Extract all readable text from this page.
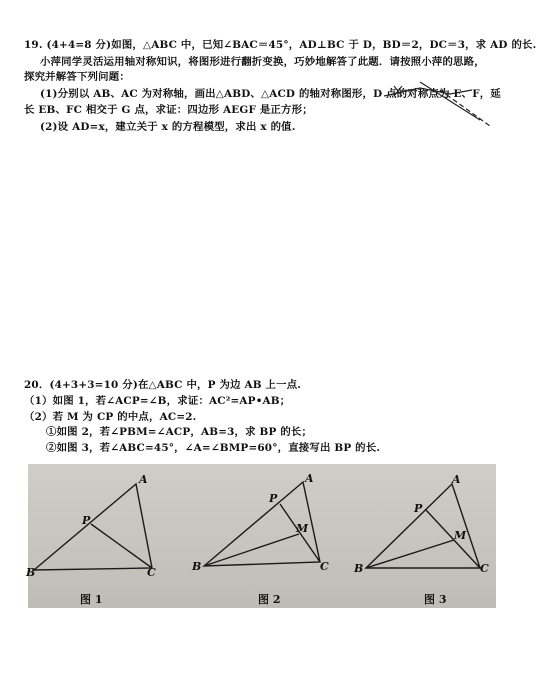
19. (4+4=8 分)如图，△ABC 中，已知∠BAC＝45°，AD⊥BC 于 D，BD＝2，DC＝3，求 AD 的长.
小萍同学灵活运用轴对称知识，将图形进行翻折变换，巧妙地解答了此题．请按照小萍的思路，
探究并解答下列问题：
(1)分别以 AB、AC 为对称轴，画出△ABD、△ACD 的轴对称图形，D 点的对称点为 E、F，延
长 EB、FC 相交于 G 点，求证：四边形 AEGF 是正方形；
(2)设 AD=x，建立关于 x 的方程模型，求出 x 的值.
20．(4+3+3=10 分)在△ABC 中，P 为边 AB 上一点.
（1）如图 1，若∠ACP=∠B，求证：AC²=AP•AB；
（2）若 M 为 CP 的中点，AC=2.
①如图 2，若∠PBM=∠ACP，AB=3，求 BP 的长；
②如图 3，若∠ABC=45°，∠A=∠BMP=60°，直接写出 BP 的长.
A
B	C
P
图 1
A
B	C
P
M
图 2
A
B	C
P
M
图 3
